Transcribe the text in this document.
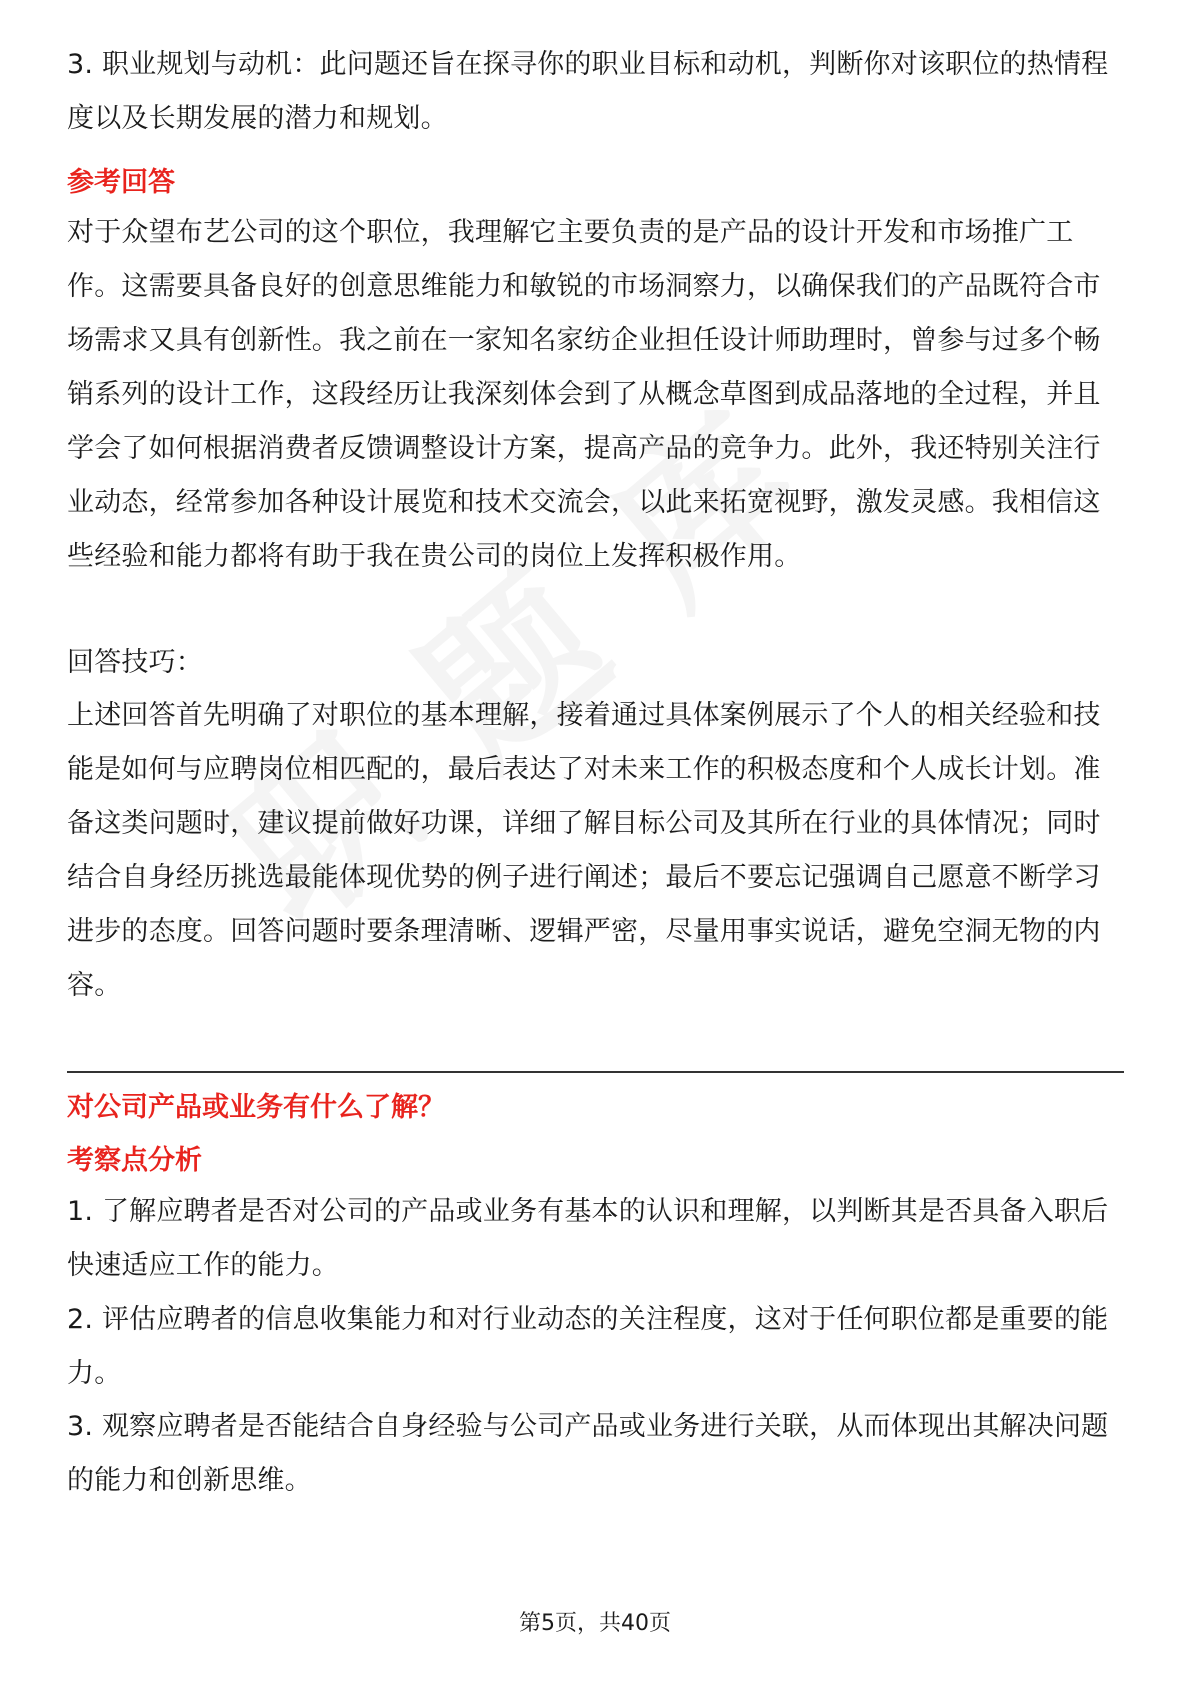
3. 职业规划与动机：此问题还旨在探寻你的职业目标和动机，判断你对该职位的热情程度以及长期发展的潜力和规划。

参考回答

对于众望布艺公司的这个职位，我理解它主要负责的是产品的设计开发和市场推广工作。这需要具备良好的创意思维能力和敏锐的市场洞察力，以确保我们的产品既符合市场需求又具有创新性。我之前在一家知名家纺企业担任设计师助理时，曾参与过多个畅销系列的设计工作，这段经历让我深刻体会到了从概念草图到成品落地的全过程，并且学会了如何根据消费者反馈调整设计方案，提高产品的竞争力。此外，我还特别关注行业动态，经常参加各种设计展览和技术交流会，以此来拓宽视野，激发灵感。我相信这些经验和能力都将有助于我在贵公司的岗位上发挥积极作用。

回答技巧：

上述回答首先明确了对职位的基本理解，接着通过具体案例展示了个人的相关经验和技能是如何与应聘岗位相匹配的，最后表达了对未来工作的积极态度和个人成长计划。准备这类问题时，建议提前做好功课，详细了解目标公司及其所在行业的具体情况；同时结合自身经历挑选最能体现优势的例子进行阐述；最后不要忘记强调自己愿意不断学习进步的态度。回答问题时要条理清晰、逻辑严密，尽量用事实说话，避免空洞无物的内容。

对公司产品或业务有什么了解？
考察点分析

1. 了解应聘者是否对公司的产品或业务有基本的认识和理解，以判断其是否具备入职后快速适应工作的能力。

2. 评估应聘者的信息收集能力和对行业动态的关注程度，这对于任何职位都是重要的能力。

3. 观察应聘者是否能结合自身经验与公司产品或业务进行关联，从而体现出其解决问题的能力和创新思维。

第5页，共40页
